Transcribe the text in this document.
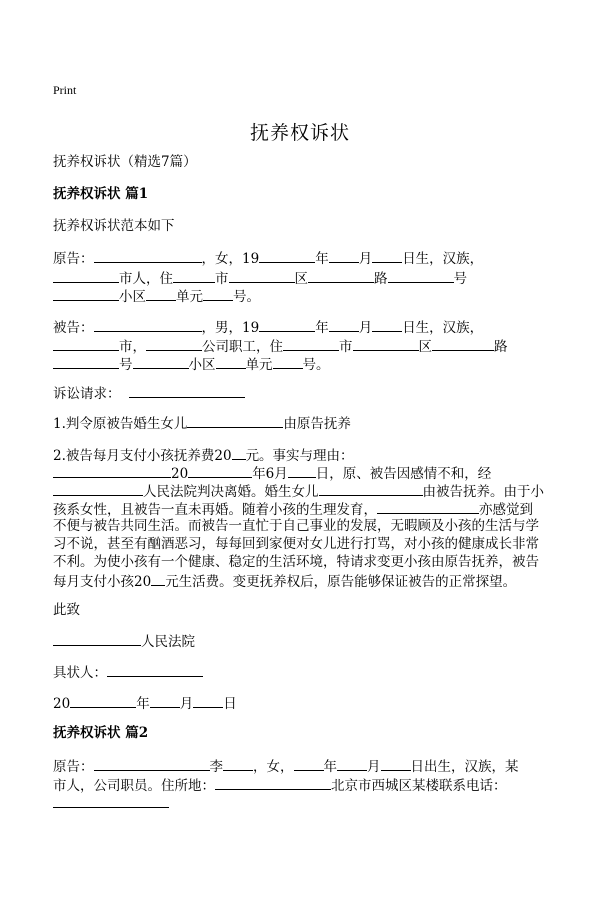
Print
抚养权诉状
抚养权诉状（精选7篇）
抚养权诉状 篇1
抚养权诉状范本如下
原告：	，女，19	年 月 日生，汉族，
市人，住	市	区	路	号
小区 单元 号。
被告：	，男，19	年 月 日生，汉族，
市，	公司职工，住	市	区	路
号	小区 单元 号。
诉讼请求：
1.判令原被告婚生女儿	由原告抚养
2.被告每月支付小孩抚养费20 元。事实与理由：
20	年6月 日，原、被告因感情不和，经
人民法院判决离婚。婚生女儿	由被告抚养。由于小
孩系女性，且被告一直未再婚。随着小孩的生理发育，	亦感觉到
不便与被告共同生活。而被告一直忙于自己事业的发展，无暇顾及小孩的生活与学
习不说，甚至有酗酒恶习，每每回到家便对女儿进行打骂，对小孩的健康成长非常
不利。为使小孩有一个健康、稳定的生活环境，特请求变更小孩由原告抚养，被告
每月支付小孩20 元生活费。变更抚养权后，原告能够保证被告的正常探望。
此致
人民法院
具状人：
20	年 月 日
抚养权诉状 篇2
原告：	李 ，女， 年 月 日出生，汉族，某
市人，公司职员。住所地：	北京市西城区某楼联系电话：
